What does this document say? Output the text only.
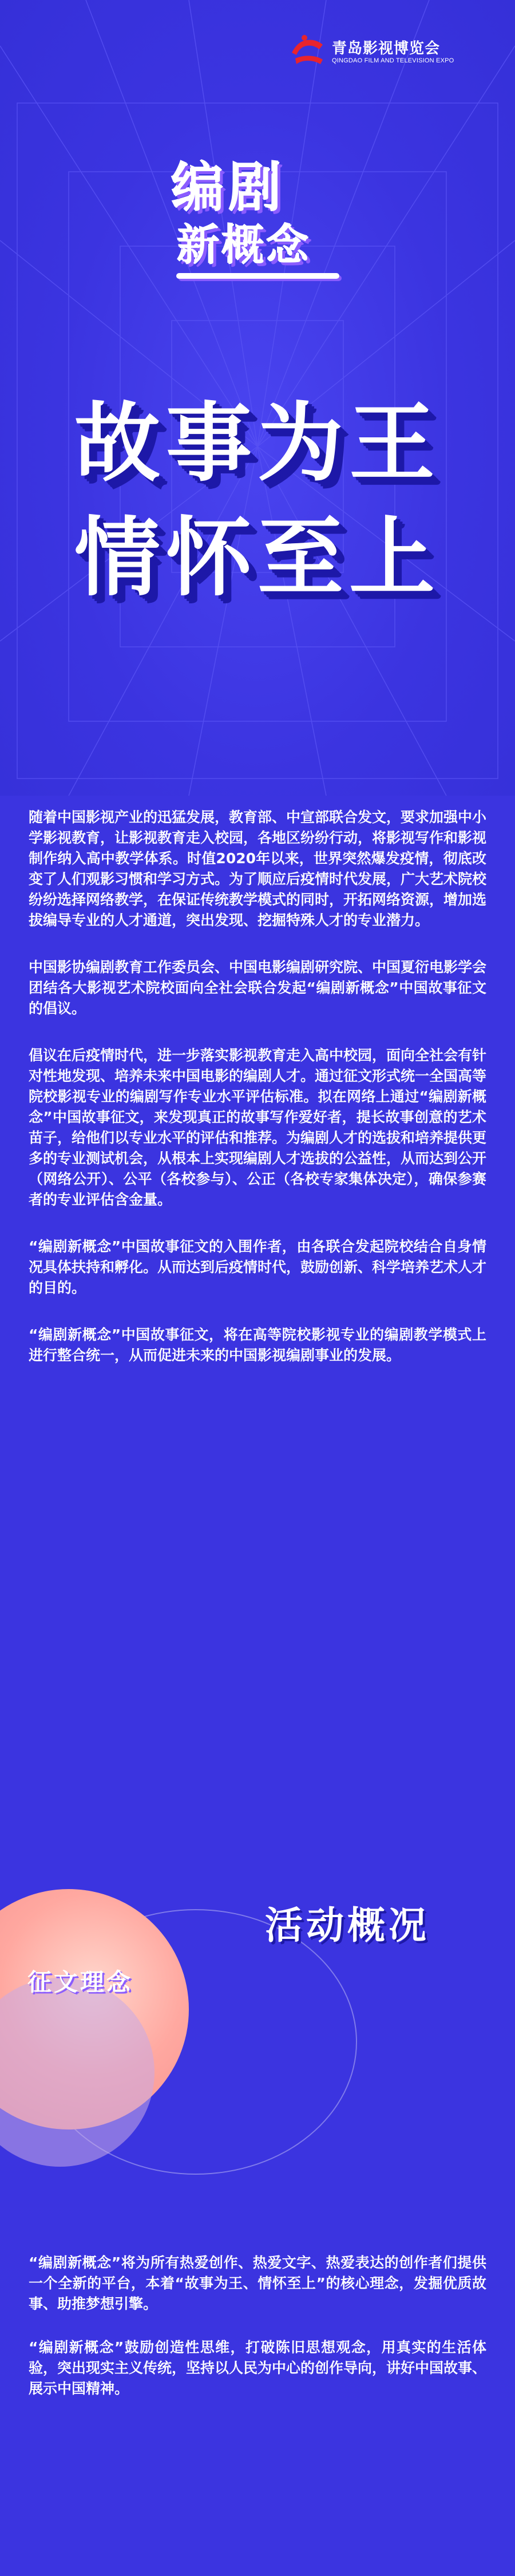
青岛影视博览会
QINGDAO FILM AND TELEVISION EXPO
编剧
新概念
故事为王
情怀至上

随着中国影视产业的迅猛发展，教育部、中宣部联合发文，要求加强中小学影视教育，让影视教育走入校园，各地区纷纷行动，将影视写作和影视制作纳入高中教学体系。时值2020年以来，世界突然爆发疫情，彻底改变了人们观影习惯和学习方式。为了顺应后疫情时代发展，广大艺术院校纷纷选择网络教学，在保证传统教学模式的同时，开拓网络资源，增加选拔编导专业的人才通道，突出发现、挖掘特殊人才的专业潜力。

中国影协编剧教育工作委员会、中国电影编剧研究院、中国夏衍电影学会团结各大影视艺术院校面向全社会联合发起“编剧新概念”中国故事征文的倡议。

倡议在后疫情时代，进一步落实影视教育走入高中校园，面向全社会有针对性地发现、培养未来中国电影的编剧人才。通过征文形式统一全国高等院校影视专业的编剧写作专业水平评估标准。拟在网络上通过“编剧新概念”中国故事征文，来发现真正的故事写作爱好者，提长故事创意的艺术苗子，给他们以专业水平的评估和推荐。为编剧人才的选拔和培养提供更多的专业测试机会，从根本上实现编剧人才选拔的公益性，从而达到公开（网络公开）、公平（各校参与）、公正（各校专家集体决定），确保参赛者的专业评估含金量。

“编剧新概念”中国故事征文的入围作者，由各联合发起院校结合自身情况具体扶持和孵化。从而达到后疫情时代，鼓励创新、科学培养艺术人才的目的。

“编剧新概念”中国故事征文，将在高等院校影视专业的编剧教学模式上进行整合统一，从而促进未来的中国影视编剧事业的发展。

活动概况
征文理念

“编剧新概念”将为所有热爱创作、热爱文字、热爱表达的创作者们提供一个全新的平台，本着“故事为王、情怀至上”的核心理念，发掘优质故事、助推梦想引擎。

“编剧新概念”鼓励创造性思维，打破陈旧思想观念，用真实的生活体验，突出现实主义传统，坚持以人民为中心的创作导向，讲好中国故事、展示中国精神。
